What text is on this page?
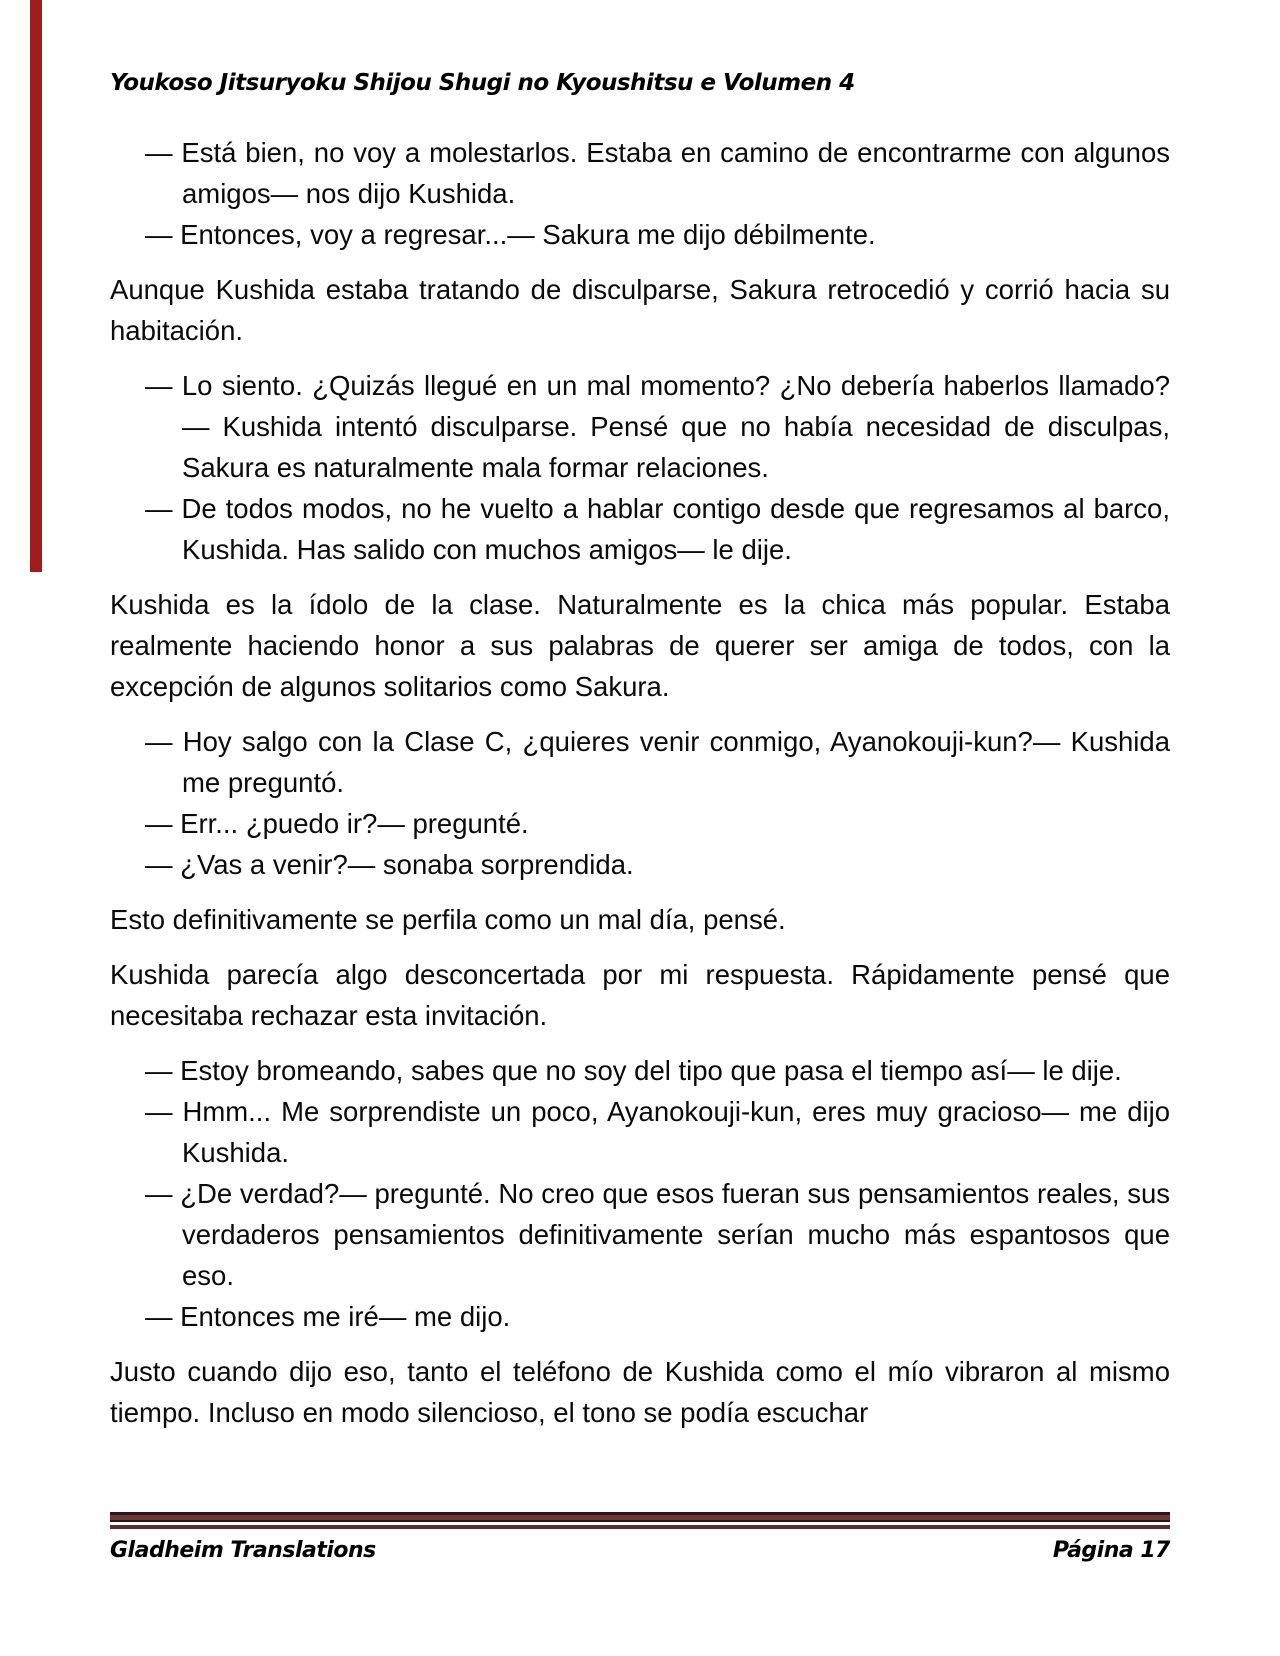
Youkoso Jitsuryoku Shijou Shugi no Kyoushitsu e Volumen 4
— Está bien, no voy a molestarlos. Estaba en camino de encontrarme con algunos amigos— nos dijo Kushida.
— Entonces, voy a regresar...— Sakura me dijo débilmente.

Aunque Kushida estaba tratando de disculparse, Sakura retrocedió y corrió hacia su habitación.

— Lo siento. ¿Quizás llegué en un mal momento? ¿No debería haberlos llamado?— Kushida intentó disculparse. Pensé que no había necesidad de disculpas, Sakura es naturalmente mala formar relaciones.
— De todos modos, no he vuelto a hablar contigo desde que regresamos al barco, Kushida. Has salido con muchos amigos— le dije.

Kushida es la ídolo de la clase. Naturalmente es la chica más popular. Estaba realmente haciendo honor a sus palabras de querer ser amiga de todos, con la excepción de algunos solitarios como Sakura.

— Hoy salgo con la Clase C, ¿quieres venir conmigo, Ayanokouji-kun?— Kushida me preguntó.
— Err... ¿puedo ir?— pregunté.
— ¿Vas a venir?— sonaba sorprendida.

Esto definitivamente se perfila como un mal día, pensé.

Kushida parecía algo desconcertada por mi respuesta. Rápidamente pensé que necesitaba rechazar esta invitación.

— Estoy bromeando, sabes que no soy del tipo que pasa el tiempo así— le dije.
— Hmm... Me sorprendiste un poco, Ayanokouji-kun, eres muy gracioso— me dijo Kushida.
— ¿De verdad?— pregunté. No creo que esos fueran sus pensamientos reales, sus verdaderos pensamientos definitivamente serían mucho más espantosos que eso.
— Entonces me iré— me dijo.

Justo cuando dijo eso, tanto el teléfono de Kushida como el mío vibraron al mismo tiempo. Incluso en modo silencioso, el tono se podía escuchar

Gladheim Translations	Página 17
